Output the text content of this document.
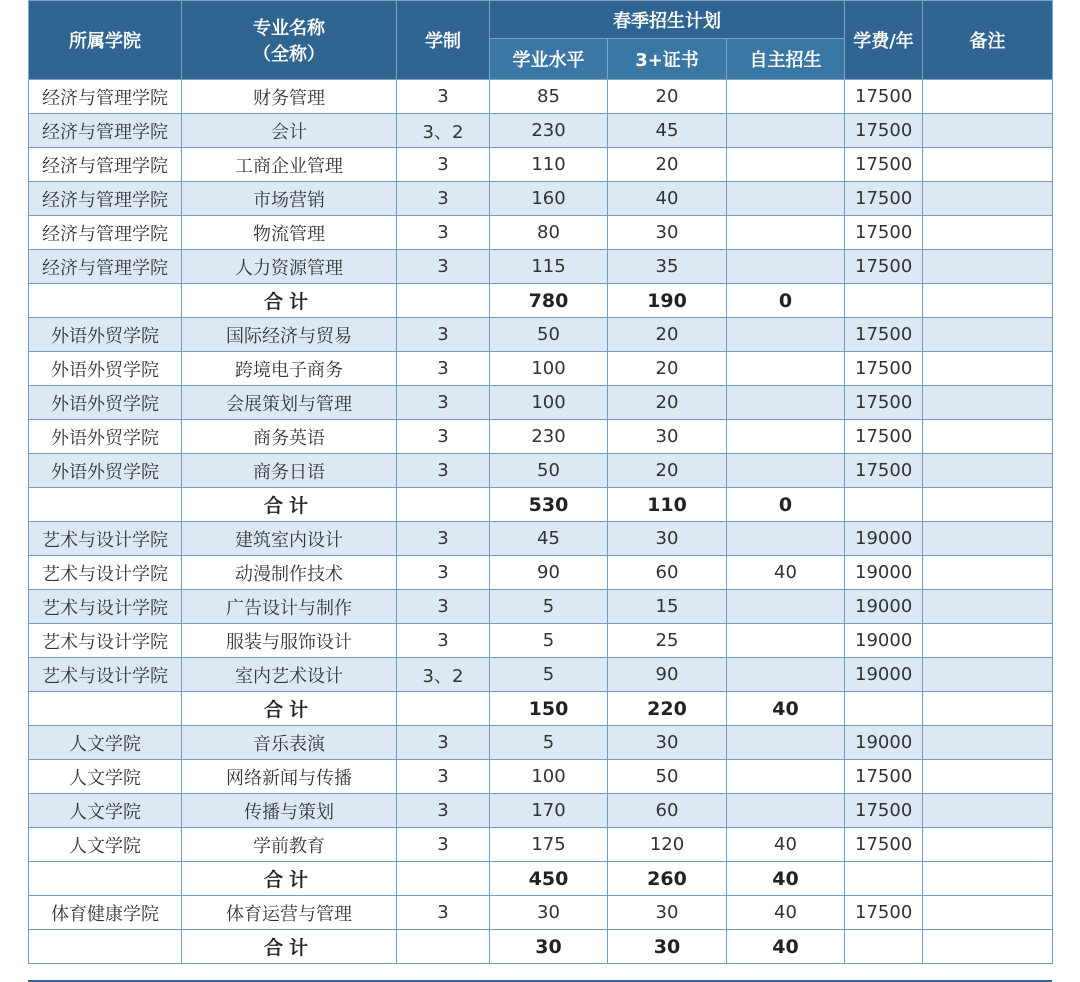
所属学院	专业名称
（全称）	学制	春季招生计划			学费/年	备注
			学业水平	3+证书	自主招生		
经济与管理学院	财务管理	3	85	20		17500	
经济与管理学院	会计	3、2	230	45		17500	
经济与管理学院	工商企业管理	3	110	20		17500	
经济与管理学院	市场营销	3	160	40		17500	
经济与管理学院	物流管理	3	80	30		17500	
经济与管理学院	人力资源管理	3	115	35		17500	
	合计		780	190	0		
外语外贸学院	国际经济与贸易	3	50	20		17500	
外语外贸学院	跨境电子商务	3	100	20		17500	
外语外贸学院	会展策划与管理	3	100	20		17500	
外语外贸学院	商务英语	3	230	30		17500	
外语外贸学院	商务日语	3	50	20		17500	
	合计		530	110	0		
艺术与设计学院	建筑室内设计	3	45	30		19000	
艺术与设计学院	动漫制作技术	3	90	60	40	19000	
艺术与设计学院	广告设计与制作	3	5	15		19000	
艺术与设计学院	服装与服饰设计	3	5	25		19000	
艺术与设计学院	室内艺术设计	3、2	5	90		19000	
	合计		150	220	40		
人文学院	音乐表演	3	5	30		19000	
人文学院	网络新闻与传播	3	100	50		17500	
人文学院	传播与策划	3	170	60		17500	
人文学院	学前教育	3	175	120	40	17500	
	合计		450	260	40		
体育健康学院	体育运营与管理	3	30	30	40	17500	
	合计		30	30	40		
